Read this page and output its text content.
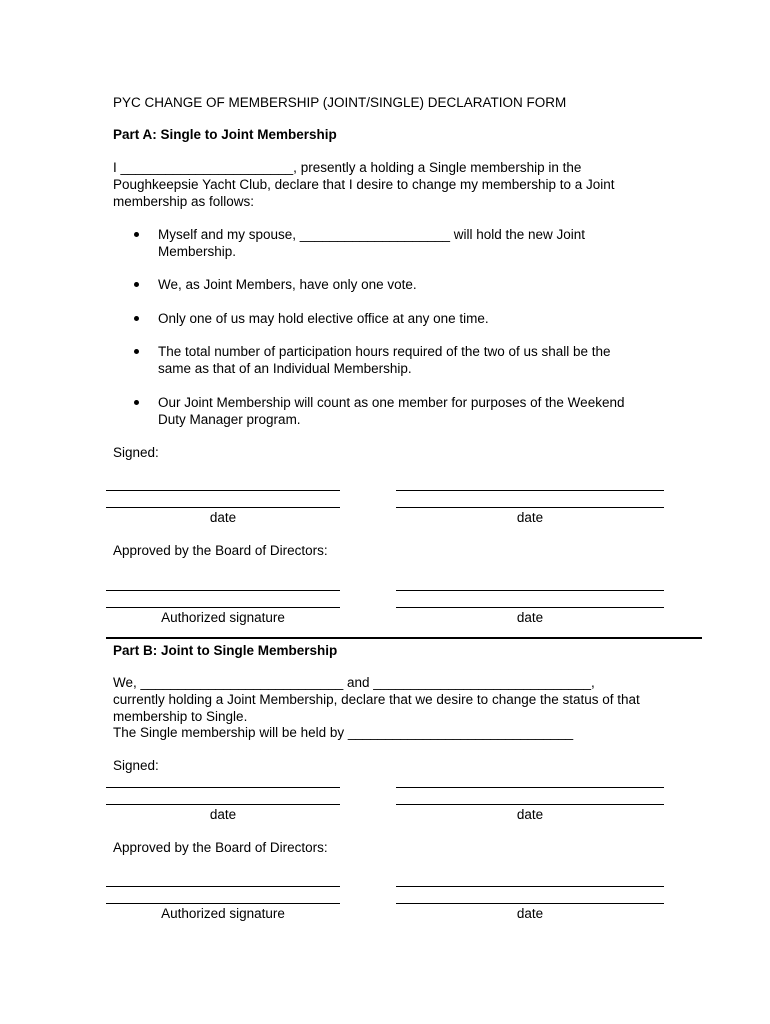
PYC CHANGE OF MEMBERSHIP (JOINT/SINGLE) DECLARATION FORM
Part A: Single to Joint Membership
I _______________________, presently a holding a Single membership in the
Poughkeepsie Yacht Club, declare that I desire to change my membership to a Joint
membership as follows:
Myself and my spouse, ____________________ will hold the new Joint
Membership.
We, as Joint Members, have only one vote.
Only one of us may hold elective office at any one time.
The total number of participation hours required of the two of us shall be the
same as that of an Individual Membership.
Our Joint Membership will count as one member for purposes of the Weekend
Duty Manager program.
Signed:
date	date
Approved by the Board of Directors:
Authorized signature	date
Part B: Joint to Single Membership
We, ___________________________ and _____________________________,
currently holding a Joint Membership, declare that we desire to change the status of that
membership to Single.
The Single membership will be held by ______________________________
Signed:
date	date
Approved by the Board of Directors:
Authorized signature	date
